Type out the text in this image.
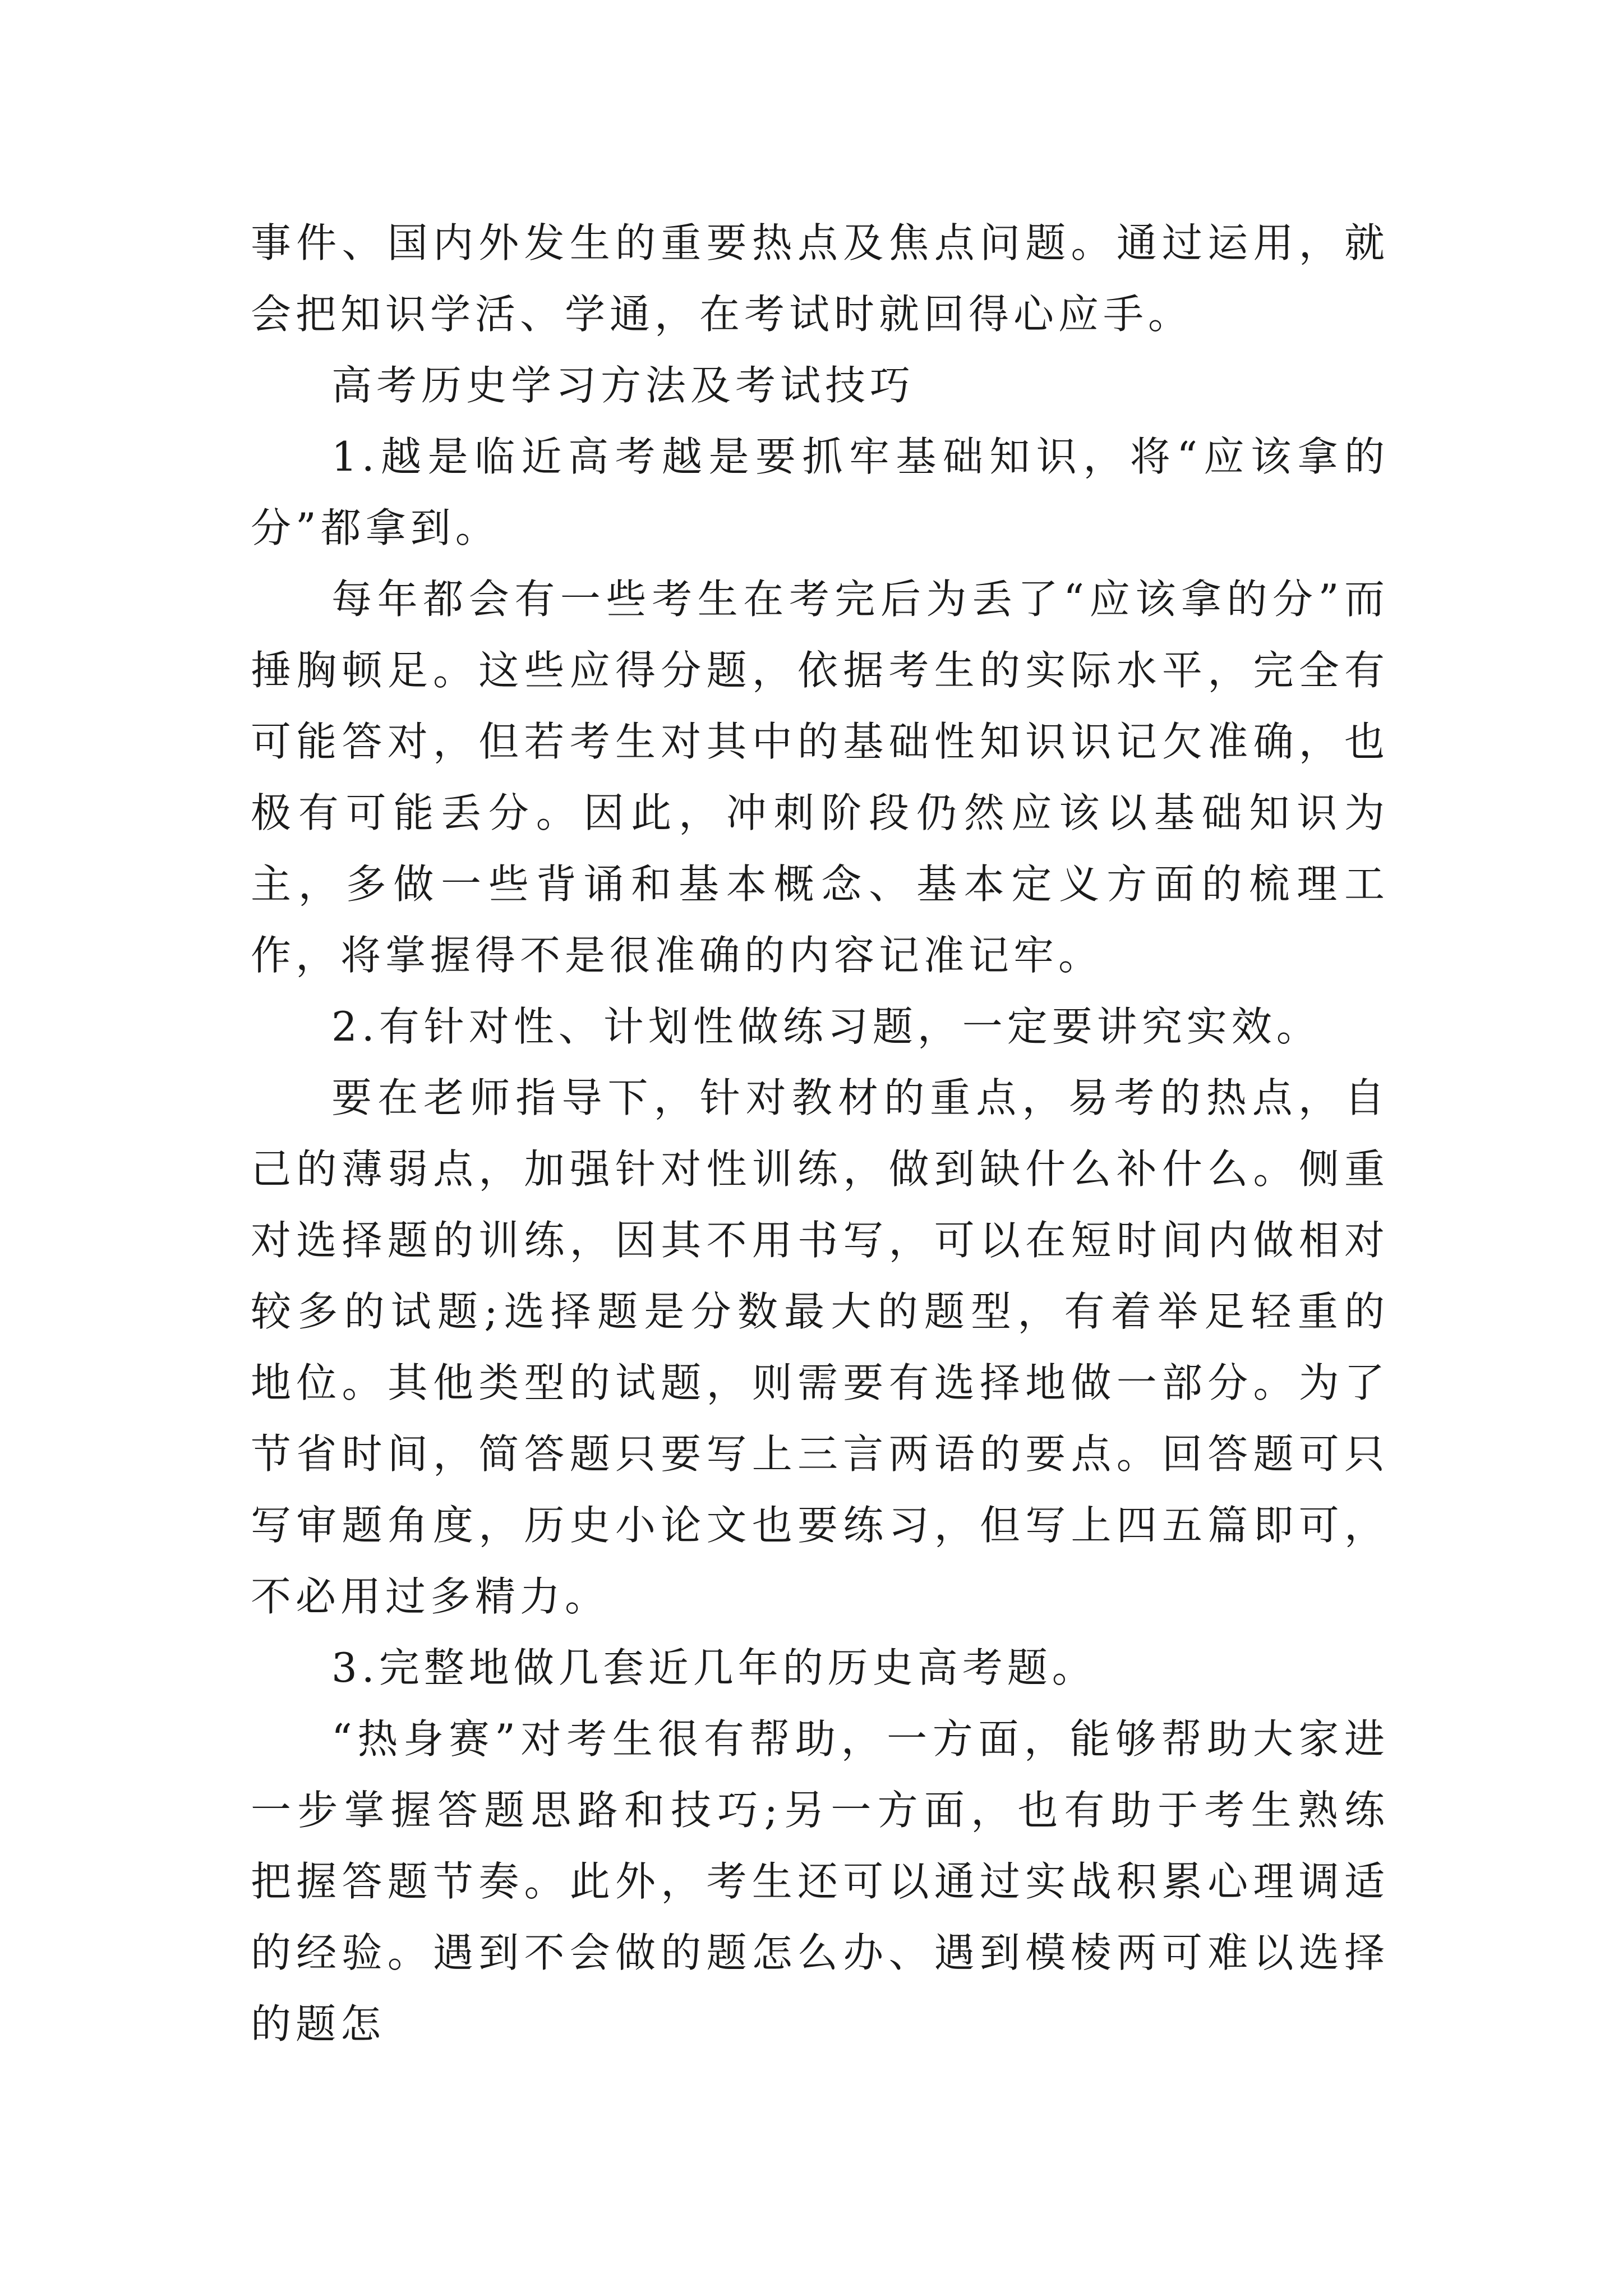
事件、国内外发生的重要热点及焦点问题。通过运用，就会把知识学活、学通，在考试时就回得心应手。

高考历史学习方法及考试技巧

1.越是临近高考越是要抓牢基础知识，将“应该拿的分”都拿到。

每年都会有一些考生在考完后为丢了“应该拿的分”而捶胸顿足。这些应得分题，依据考生的实际水平，完全有可能答对，但若考生对其中的基础性知识识记欠准确，也极有可能丢分。因此，冲刺阶段仍然应该以基础知识为主，多做一些背诵和基本概念、基本定义方面的梳理工作，将掌握得不是很准确的内容记准记牢。

2.有针对性、计划性做练习题，一定要讲究实效。

要在老师指导下，针对教材的重点，易考的热点，自己的薄弱点，加强针对性训练，做到缺什么补什么。侧重对选择题的训练，因其不用书写，可以在短时间内做相对较多的试题;选择题是分数最大的题型，有着举足轻重的地位。其他类型的试题，则需要有选择地做一部分。为了节省时间，简答题只要写上三言两语的要点。回答题可只写审题角度，历史小论文也要练习，但写上四五篇即可，不必用过多精力。

3.完整地做几套近几年的历史高考题。

“热身赛”对考生很有帮助，一方面，能够帮助大家进一步掌握答题思路和技巧;另一方面，也有助于考生熟练把握答题节奏。此外，考生还可以通过实战积累心理调适的经验。遇到不会做的题怎么办、遇到模棱两可难以选择的题怎
